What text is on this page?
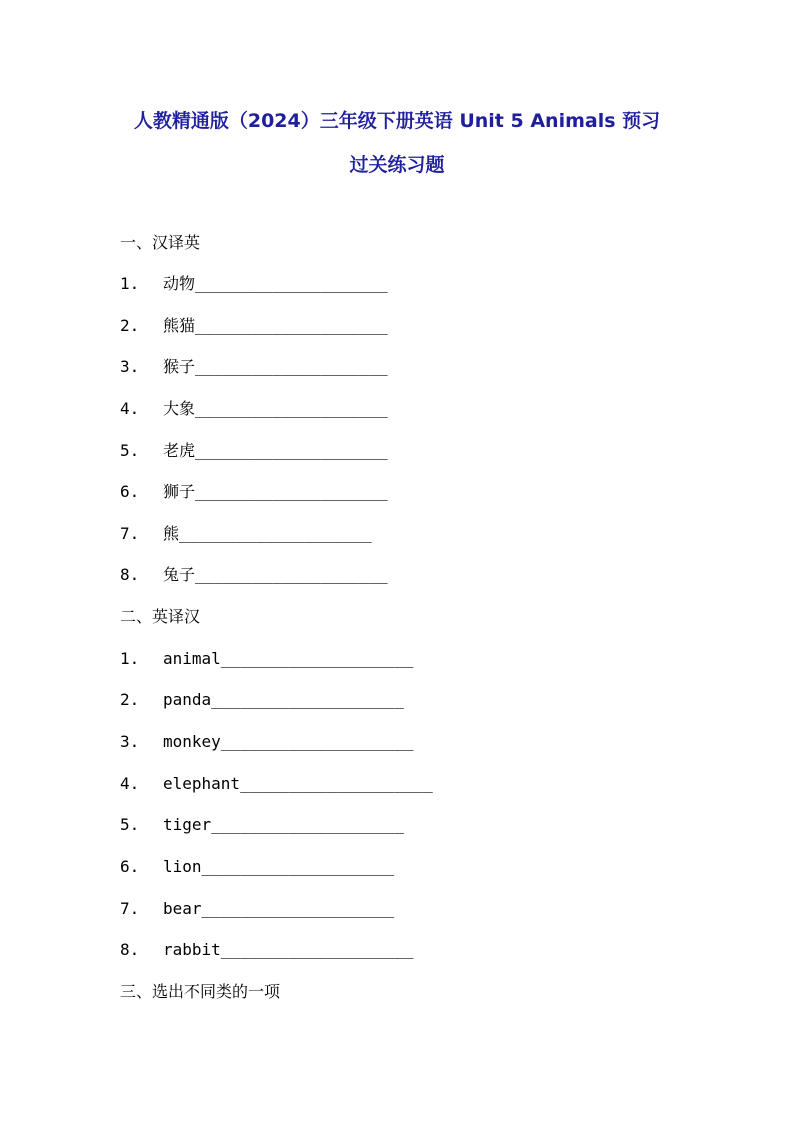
人教精通版（2024）三年级下册英语 Unit 5 Animals 预习
过关练习题
一、汉译英
1. 动物____________________
2. 熊猫____________________
3. 猴子____________________
4. 大象____________________
5. 老虎____________________
6. 狮子____________________
7. 熊____________________
8. 兔子____________________
二、英译汉
1. animal____________________
2. panda____________________
3. monkey____________________
4. elephant____________________
5. tiger____________________
6. lion____________________
7. bear____________________
8. rabbit____________________
三、选出不同类的一项
